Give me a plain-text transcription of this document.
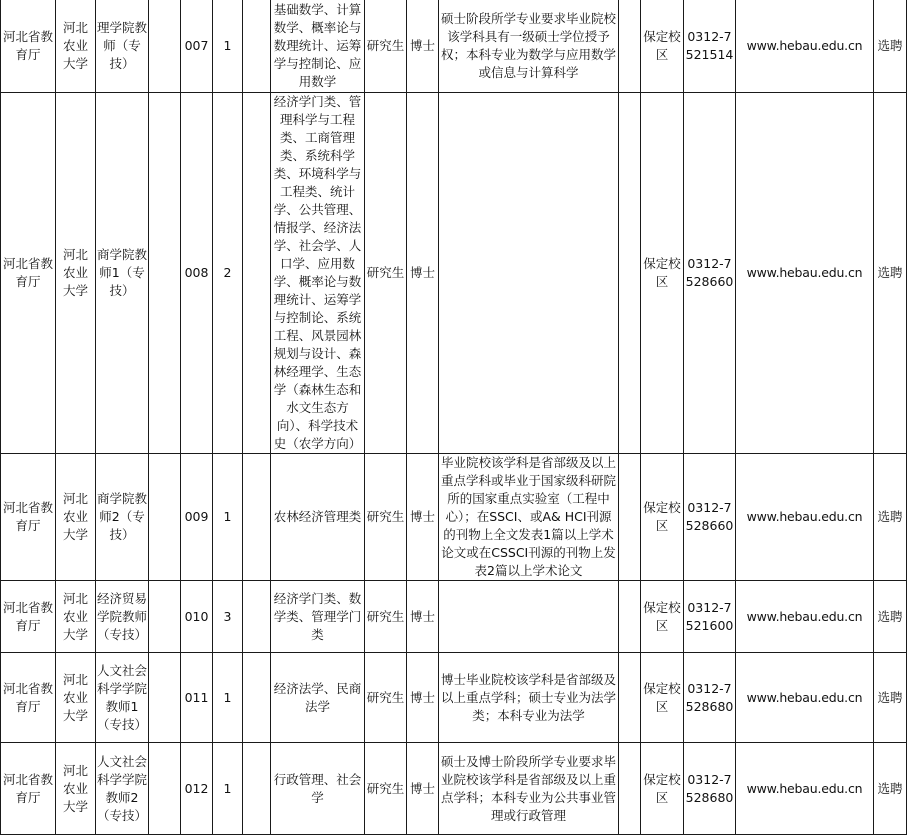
河北省教育厅	河北农业大学	理学院教师（专技）		007	1		基础数学、计算数学、概率论与数理统计、运筹学与控制论、应用数学	研究生	博士	硕士阶段所学专业要求毕业院校该学科具有一级硕士学位授予权；本科专业为数学与应用数学或信息与计算科学		保定校区	0312-7521514	www.hebau.edu.cn	选聘
河北省教育厅	河北农业大学	商学院教师1（专技）		008	2		经济学门类、管理科学与工程类、工商管理类、系统科学类、环境科学与工程类、统计学、公共管理、情报学、经济法学、社会学、人口学、应用数学、概率论与数理统计、运筹学与控制论、系统工程、风景园林规划与设计、森林经理学、生态学（森林生态和水文生态方向）、科学技术史（农学方向）	研究生	博士			保定校区	0312-7528660	www.hebau.edu.cn	选聘
河北省教育厅	河北农业大学	商学院教师2（专技）		009	1		农林经济管理类	研究生	博士	毕业院校该学科是省部级及以上重点学科或毕业于国家级科研院所的国家重点实验室（工程中心）；在SSCI、或A& HCI刊源的刊物上全文发表1篇以上学术论文或在CSSCI刊源的刊物上发表2篇以上学术论文		保定校区	0312-7528660	www.hebau.edu.cn	选聘
河北省教育厅	河北农业大学	经济贸易学院教师（专技）		010	3		经济学门类、数学类、管理学门类	研究生	博士			保定校区	0312-7521600	www.hebau.edu.cn	选聘
河北省教育厅	河北农业大学	人文社会科学学院教师1（专技）		011	1		经济法学、民商法学	研究生	博士	博士毕业院校该学科是省部级及以上重点学科；硕士专业为法学类；本科专业为法学		保定校区	0312-7528680	www.hebau.edu.cn	选聘
河北省教育厅	河北农业大学	人文社会科学学院教师2（专技）		012	1		行政管理、社会学	研究生	博士	硕士及博士阶段所学专业要求毕业院校该学科是省部级及以上重点学科；本科专业为公共事业管理或行政管理		保定校区	0312-7528680	www.hebau.edu.cn	选聘
